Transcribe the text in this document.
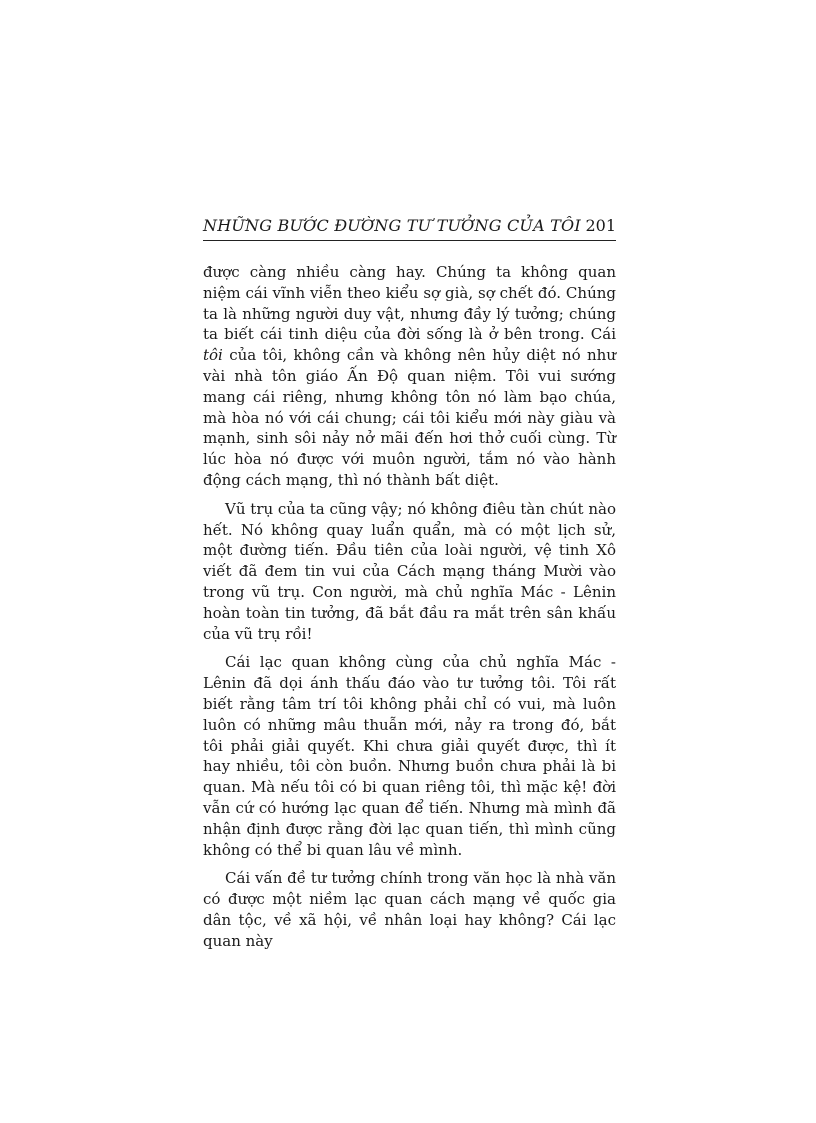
NHỮNG BƯỚC ĐƯỜNG TƯ TƯỞNG CỦA TÔI 201

được càng nhiều càng hay. Chúng ta không quan niệm cái vĩnh viễn theo kiểu sợ già, sợ chết đó. Chúng ta là những người duy vật, nhưng đầy lý tưởng; chúng ta biết cái tinh diệu của đời sống là ở bên trong. Cái tôi của tôi, không cần và không nên hủy diệt nó như vài nhà tôn giáo Ấn Độ quan niệm. Tôi vui sướng mang cái riêng, nhưng không tôn nó làm bạo chúa, mà hòa nó với cái chung; cái tôi kiểu mới này giàu và mạnh, sinh sôi nảy nở mãi đến hơi thở cuối cùng. Từ lúc hòa nó được với muôn người, tắm nó vào hành động cách mạng, thì nó thành bất diệt.

Vũ trụ của ta cũng vậy; nó không điêu tàn chút nào hết. Nó không quay luẩn quẩn, mà có một lịch sử, một đường tiến. Đầu tiên của loài người, vệ tinh Xô viết đã đem tin vui của Cách mạng tháng Mười vào trong vũ trụ. Con người, mà chủ nghĩa Mác - Lênin hoàn toàn tin tưởng, đã bắt đầu ra mắt trên sân khấu của vũ trụ rồi!

Cái lạc quan không cùng của chủ nghĩa Mác - Lênin đã dọi ánh thấu đáo vào tư tưởng tôi. Tôi rất biết rằng tâm trí tôi không phải chỉ có vui, mà luôn luôn có những mâu thuẫn mới, nảy ra trong đó, bắt tôi phải giải quyết. Khi chưa giải quyết được, thì ít hay nhiều, tôi còn buồn. Nhưng buồn chưa phải là bi quan. Mà nếu tôi có bi quan riêng tôi, thì mặc kệ! đời vẫn cứ có hướng lạc quan để tiến. Nhưng mà mình đã nhận định được rằng đời lạc quan tiến, thì mình cũng không có thể bi quan lâu về mình.

Cái vấn đề tư tưởng chính trong văn học là nhà văn có được một niềm lạc quan cách mạng về quốc gia dân tộc, về xã hội, về nhân loại hay không? Cái lạc quan này
